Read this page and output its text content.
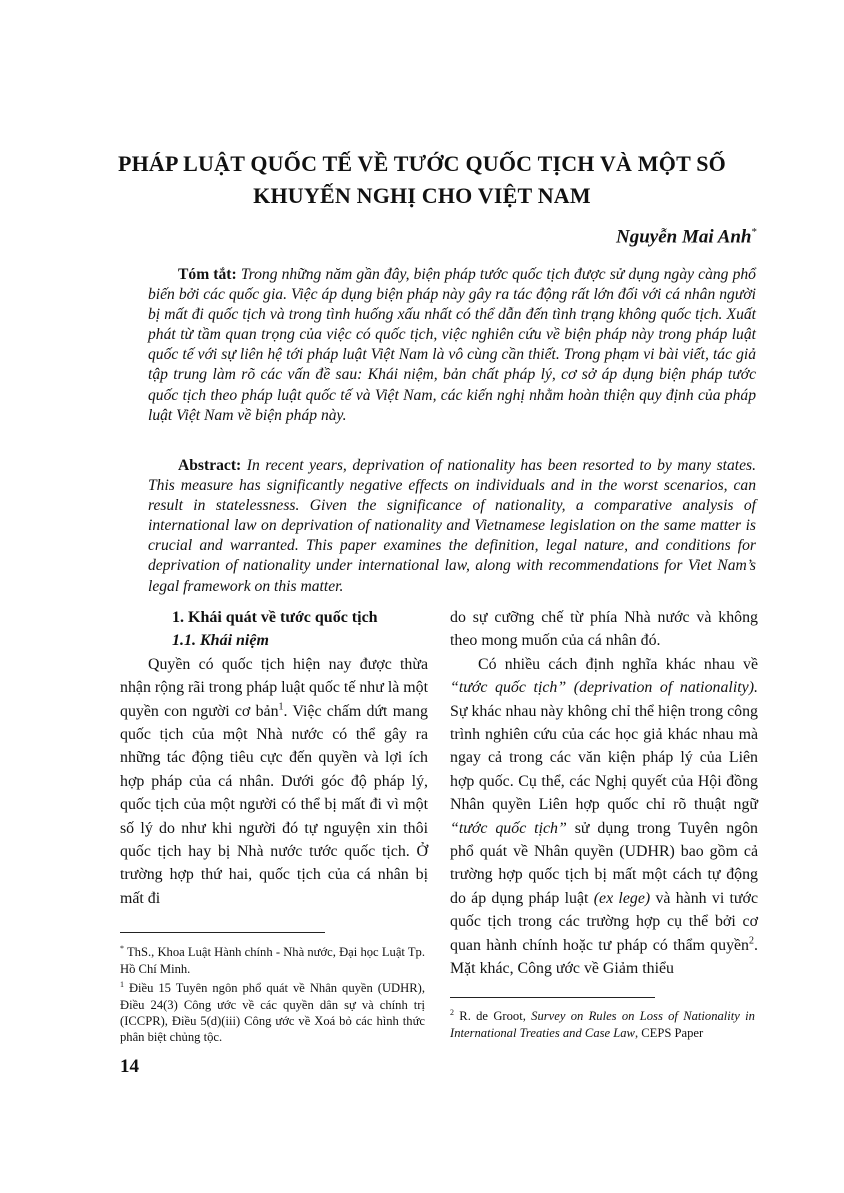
PHÁP LUẬT QUỐC TẾ VỀ TƯỚC QUỐC TỊCH VÀ MỘT SỐ
KHUYẾN NGHỊ CHO VIỆT NAM
Nguyễn Mai Anh*
Tóm tắt: Trong những năm gần đây, biện pháp tước quốc tịch được sử dụng ngày càng phổ biến bởi các quốc gia. Việc áp dụng biện pháp này gây ra tác động rất lớn đối với cá nhân người bị mất đi quốc tịch và trong tình huống xấu nhất có thể dẫn đến tình trạng không quốc tịch. Xuất phát từ tầm quan trọng của việc có quốc tịch, việc nghiên cứu về biện pháp này trong pháp luật quốc tế với sự liên hệ tới pháp luật Việt Nam là vô cùng cần thiết. Trong phạm vi bài viết, tác giả tập trung làm rõ các vấn đề sau: Khái niệm, bản chất pháp lý, cơ sở áp dụng biện pháp tước quốc tịch theo pháp luật quốc tế và Việt Nam, các kiến nghị nhằm hoàn thiện quy định của pháp luật Việt Nam về biện pháp này.
Abstract: In recent years, deprivation of nationality has been resorted to by many states. This measure has significantly negative effects on individuals and in the worst scenarios, can result in statelessness. Given the significance of nationality, a comparative analysis of international law on deprivation of nationality and Vietnamese legislation on the same matter is crucial and warranted. This paper examines the definition, legal nature, and conditions for deprivation of nationality under international law, along with recommendations for Viet Nam’s legal framework on this matter.

1. Khái quát về tước quốc tịch

1.1. Khái niệm

Quyền có quốc tịch hiện nay được thừa nhận rộng rãi trong pháp luật quốc tế như là một quyền con người cơ bản$^1$. Việc chấm dứt mang quốc tịch của một Nhà nước có thể gây ra những tác động tiêu cực đến quyền và lợi ích hợp pháp của cá nhân. Dưới góc độ pháp lý, quốc tịch của một người có thể bị mất đi vì một số lý do như khi người đó tự nguyện xin thôi quốc tịch hay bị Nhà nước tước quốc tịch. Ở trường hợp thứ hai, quốc tịch của cá nhân bị mất đi

do sự cưỡng chế từ phía Nhà nước và không theo mong muốn của cá nhân đó.

Có nhiều cách định nghĩa khác nhau về “tước quốc tịch” (deprivation of nationality). Sự khác nhau này không chỉ thể hiện trong công trình nghiên cứu của các học giả khác nhau mà ngay cả trong các văn kiện pháp lý của Liên hợp quốc. Cụ thể, các Nghị quyết của Hội đồng Nhân quyền Liên hợp quốc chỉ rõ thuật ngữ “tước quốc tịch” sử dụng trong Tuyên ngôn phổ quát về Nhân quyền (UDHR) bao gồm cả trường hợp quốc tịch bị mất một cách tự động do áp dụng pháp luật (ex lege) và hành vi tước quốc tịch trong các trường hợp cụ thể bởi cơ quan hành chính hoặc tư pháp có thẩm quyền$^2$. Mặt khác, Công ước về Giảm thiểu

* ThS., Khoa Luật Hành chính - Nhà nước, Đại học Luật Tp. Hồ Chí Minh.

$^1$ Điều 15 Tuyên ngôn phổ quát về Nhân quyền (UDHR), Điều 24(3) Công ước về các quyền dân sự và chính trị (ICCPR), Điều 5(d)(iii) Công ước về Xoá bỏ các hình thức phân biệt chủng tộc.

$^2$ R. de Groot, Survey on Rules on Loss of Nationality in International Treaties and Case Law, CEPS Paper

14
